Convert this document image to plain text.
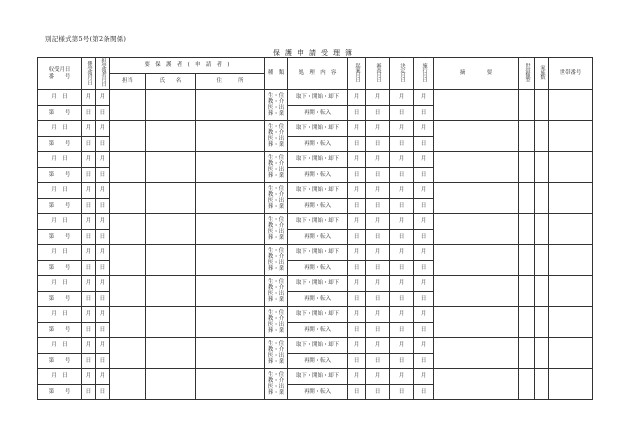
別記様式第5号(第2条関係)
保護申請受理簿
収受月日
番　　号	係受領月日	担受領者月日	要　保　護　者　(　申　請　者　)			種　類	処　理　内　容	起案月日	審査月日	決定月日	施行月日	摘　　　　要	世帯類型	家族数	世帯番号
			担当	氏　　名	住　　　所										
月　日	月	月				生・住
教・介
医・出
葬・業	取下・開始・却下	月	月	月	月				
第　　号	日	日					再開・転入	日	日	日	日				
月　日	月	月				生・住
教・介
医・出
葬・業	取下・開始・却下	月	月	月	月				
第　　号	日	日					再開・転入	日	日	日	日				
月　日	月	月				生・住
教・介
医・出
葬・業	取下・開始・却下	月	月	月	月				
第　　号	日	日					再開・転入	日	日	日	日				
月　日	月	月				生・住
教・介
医・出
葬・業	取下・開始・却下	月	月	月	月				
第　　号	日	日					再開・転入	日	日	日	日				
月　日	月	月				生・住
教・介
医・出
葬・業	取下・開始・却下	月	月	月	月				
第　　号	日	日					再開・転入	日	日	日	日				
月　日	月	月				生・住
教・介
医・出
葬・業	取下・開始・却下	月	月	月	月				
第　　号	日	日					再開・転入	日	日	日	日				
月　日	月	月				生・住
教・介
医・出
葬・業	取下・開始・却下	月	月	月	月				
第　　号	日	日					再開・転入	日	日	日	日				
月　日	月	月				生・住
教・介
医・出
葬・業	取下・開始・却下	月	月	月	月				
第　　号	日	日					再開・転入	日	日	日	日				
月　日	月	月				生・住
教・介
医・出
葬・業	取下・開始・却下	月	月	月	月				
第　　号	日	日					再開・転入	日	日	日	日				
月　日	月	月				生・住
教・介
医・出
葬・業	取下・開始・却下	月	月	月	月				
第　　号	日	日					再開・転入	日	日	日	日				
